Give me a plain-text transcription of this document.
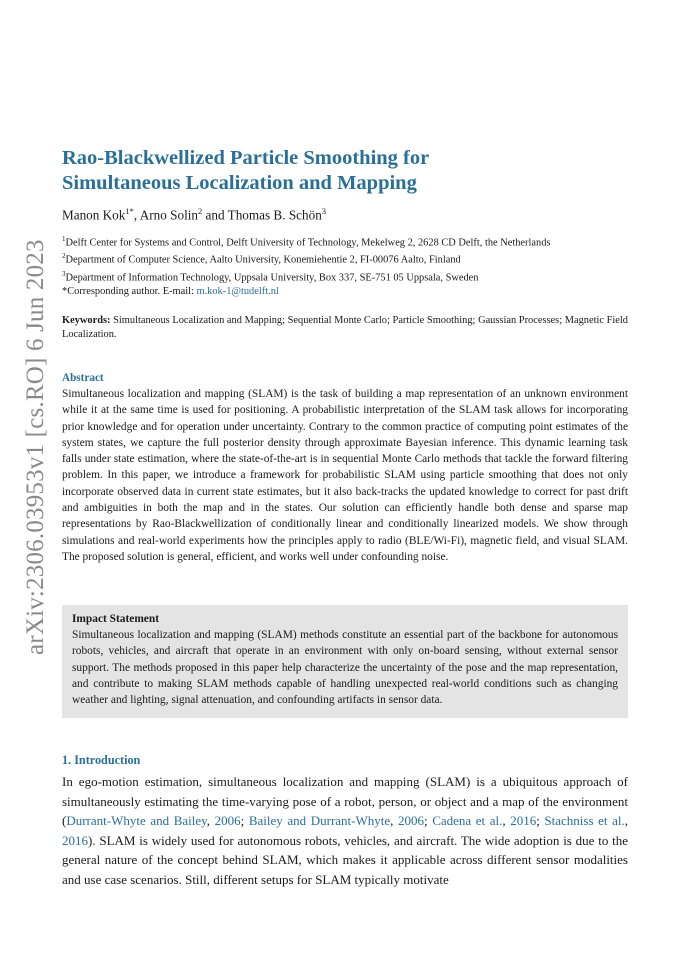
arXiv:2306.03953v1 [cs.RO] 6 Jun 2023
Rao-Blackwellized Particle Smoothing for
Simultaneous Localization and Mapping
Manon Kok$^{1*}$, Arno Solin$^2$ and Thomas B. Schön$^3$
$^1$Delft Center for Systems and Control, Delft University of Technology, Mekelweg 2, 2628 CD Delft, the Netherlands
$^2$Department of Computer Science, Aalto University, Konemiehentie 2, FI-00076 Aalto, Finland
$^3$Department of Information Technology, Uppsala University, Box 337, SE-751 05 Uppsala, Sweden
*Corresponding author. E-mail: m.kok-1@tudelft.nl
Keywords: Simultaneous Localization and Mapping; Sequential Monte Carlo; Particle Smoothing; Gaussian Processes; Magnetic Field Localization.
Abstract
Simultaneous localization and mapping (SLAM) is the task of building a map representation of an unknown environment while it at the same time is used for positioning. A probabilistic interpretation of the SLAM task allows for incorporating prior knowledge and for operation under uncertainty. Contrary to the common practice of computing point estimates of the system states, we capture the full posterior density through approximate Bayesian inference. This dynamic learning task falls under state estimation, where the state-of-the-art is in sequential Monte Carlo methods that tackle the forward filtering problem. In this paper, we introduce a framework for probabilistic SLAM using particle smoothing that does not only incorporate observed data in current state estimates, but it also back-tracks the updated knowledge to correct for past drift and ambiguities in both the map and in the states. Our solution can efficiently handle both dense and sparse map representations by Rao-Blackwellization of conditionally linear and conditionally linearized models. We show through simulations and real-world experiments how the principles apply to radio (BLE/Wi-Fi), magnetic field, and visual SLAM. The proposed solution is general, efficient, and works well under confounding noise.
Impact Statement
Simultaneous localization and mapping (SLAM) methods constitute an essential part of the backbone for autonomous robots, vehicles, and aircraft that operate in an environment with only on-board sensing, without external sensor support. The methods proposed in this paper help characterize the uncertainty of the pose and the map representation, and contribute to making SLAM methods capable of handling unexpected real-world conditions such as changing weather and lighting, signal attenuation, and confounding artifacts in sensor data.
1. Introduction
In ego-motion estimation, simultaneous localization and mapping (SLAM) is a ubiquitous approach of simultaneously estimating the time-varying pose of a robot, person, or object and a map of the environment (Durrant-Whyte and Bailey, 2006; Bailey and Durrant-Whyte, 2006; Cadena et al., 2016; Stachniss et al., 2016). SLAM is widely used for autonomous robots, vehicles, and aircraft. The wide adoption is due to the general nature of the concept behind SLAM, which makes it applicable across different sensor modalities and use case scenarios. Still, different setups for SLAM typically motivate
